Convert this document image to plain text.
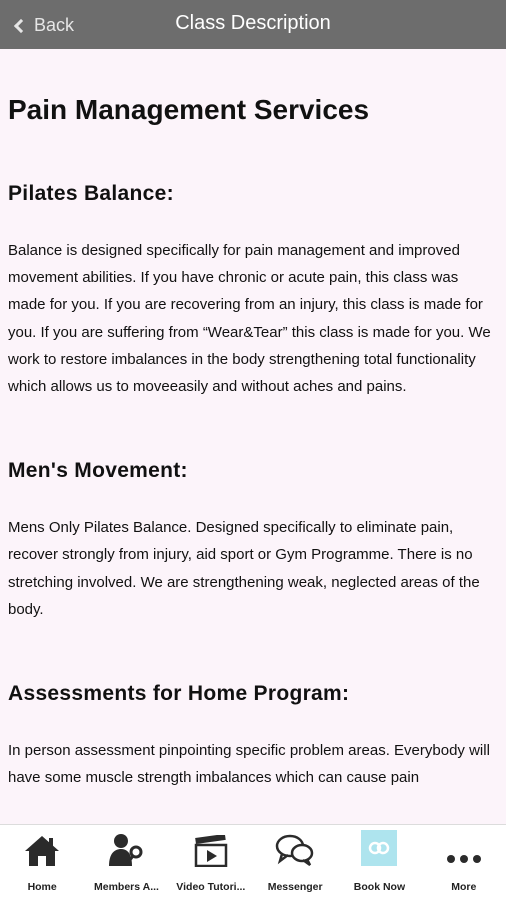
Back	Class Description
Pain Management Services
Pilates Balance:

Balance is designed specifically for pain management and improved movement abilities. If you have chronic or acute pain, this class was made for you. If you are recovering from an injury, this class is made for you. If you are suffering from “Wear&Tear” this class is made for you. We work to restore imbalances in the body strengthening total functionality which allows us to moveeasily and without aches and pains.

Men's Movement:

Mens Only Pilates Balance. Designed specifically to eliminate pain, recover strongly from injury, aid sport or Gym Programme. There is no stretching involved. We are strengthening weak, neglected areas of the body.

Assessments for Home Program:

In person assessment pinpointing specific problem areas. Everybody will have some muscle strength imbalances which can cause pain

Home	Members A... Video Tutori... Messenger	Book Now	More
